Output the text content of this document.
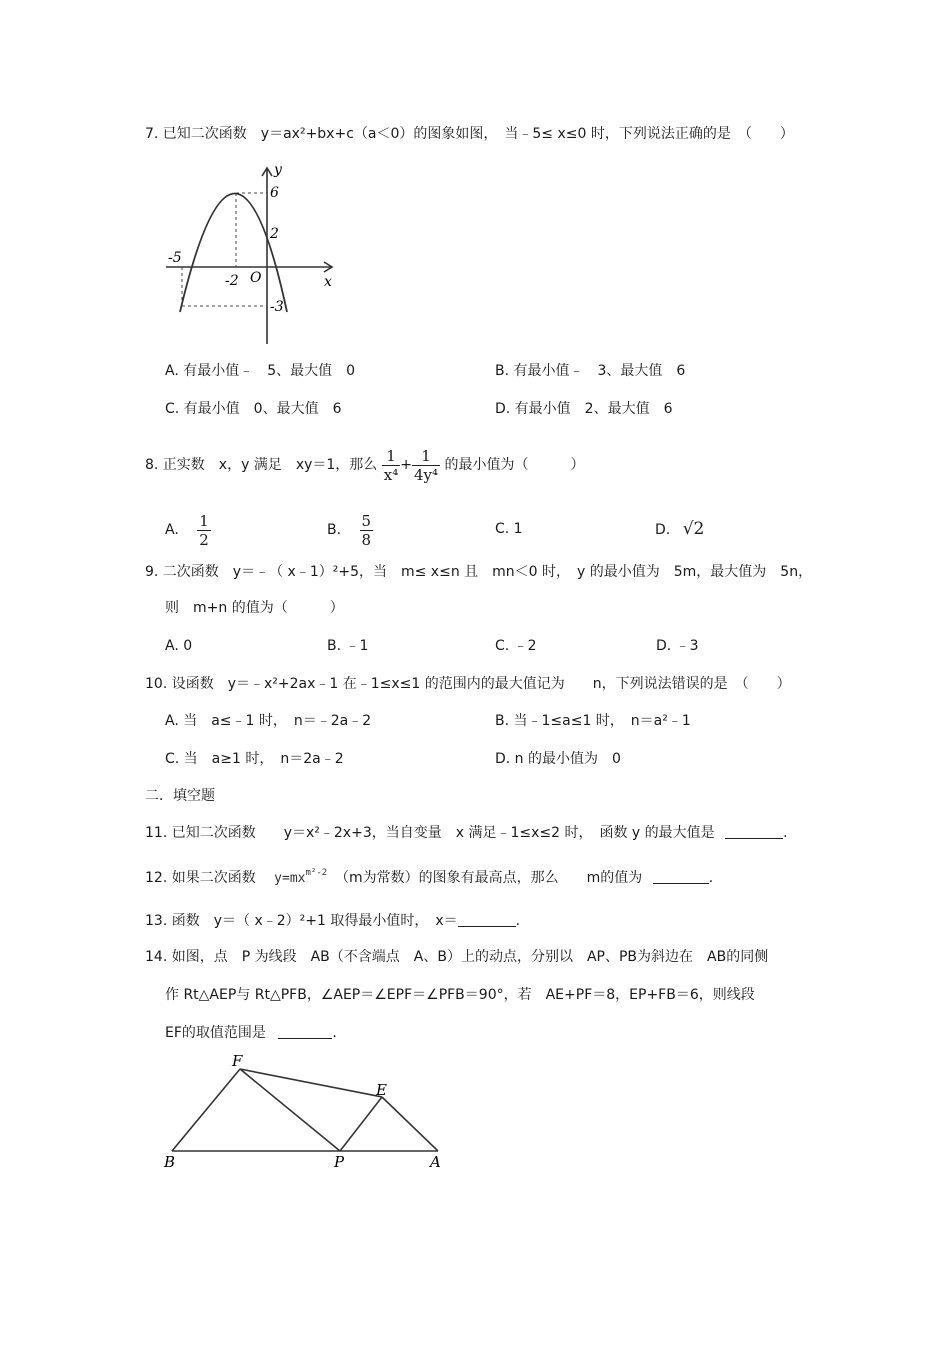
7. 已知二次函数　y＝ax²+bx+c（a＜0）的图象如图，　当﹣5≤ x≤0 时，下列说法正确的是　（　　）
y
6
2
-5
-2 O	x
-3
A. 有最小值﹣　5、最大值　0	B. 有最小值﹣　3、最大值　6
C. 有最小值　0、最大值　6	D. 有最小值　2、最大值　6
8. 正实数　x，y 满足　xy＝1，那么 $\frac{1}{\text{x⁴}} + \frac{1}{\text{4y⁴}}$ 的最小值为（　　　）
A. $\frac{1}{2}$	B. $\frac{5}{8}$	C. 1	D. √2
9. 二次函数　y＝﹣（ x﹣1）²+5，当　m≤ x≤n 且　mn＜0 时，　y 的最小值为　5m，最大值为　5n，
则　m+n 的值为（　　　）
A. 0	B. ﹣1	C. ﹣2	D. ﹣3
10. 设函数　y＝﹣x²+2ax﹣1 在﹣1≤x≤1 的范围内的最大值记为　　n，下列说法错误的是　（　　）
A. 当　a≤﹣1 时，　n＝﹣2a﹣2	B. 当﹣1≤a≤1 时，　n＝a²﹣1
C. 当　a≥1 时，　n＝2a﹣2	D. n 的最小值为　0
二．填空题
11. 已知二次函数　　y＝x²﹣2x+3，当自变量　x 满足﹣1≤x≤2 时，　函数 y 的最大值是	.
12. 如果二次函数 $y=mx^{m^2-2}$ （m为常数）的图象有最高点，那么　　m的值为	.
13. 函数　y＝（ x﹣2）²+1 取得最小值时，　x＝	.
14. 如图，点　P 为线段　AB（不含端点　A、B）上的动点，分别以　AP、PB为斜边在　AB的同侧
作 Rt△AEP与 Rt△PFB，∠AEP＝∠EPF＝∠PFB＝90°，若　AE+PF＝8，EP+FB＝6，则线段
EF的取值范围是	.
F
E
B	P	A
